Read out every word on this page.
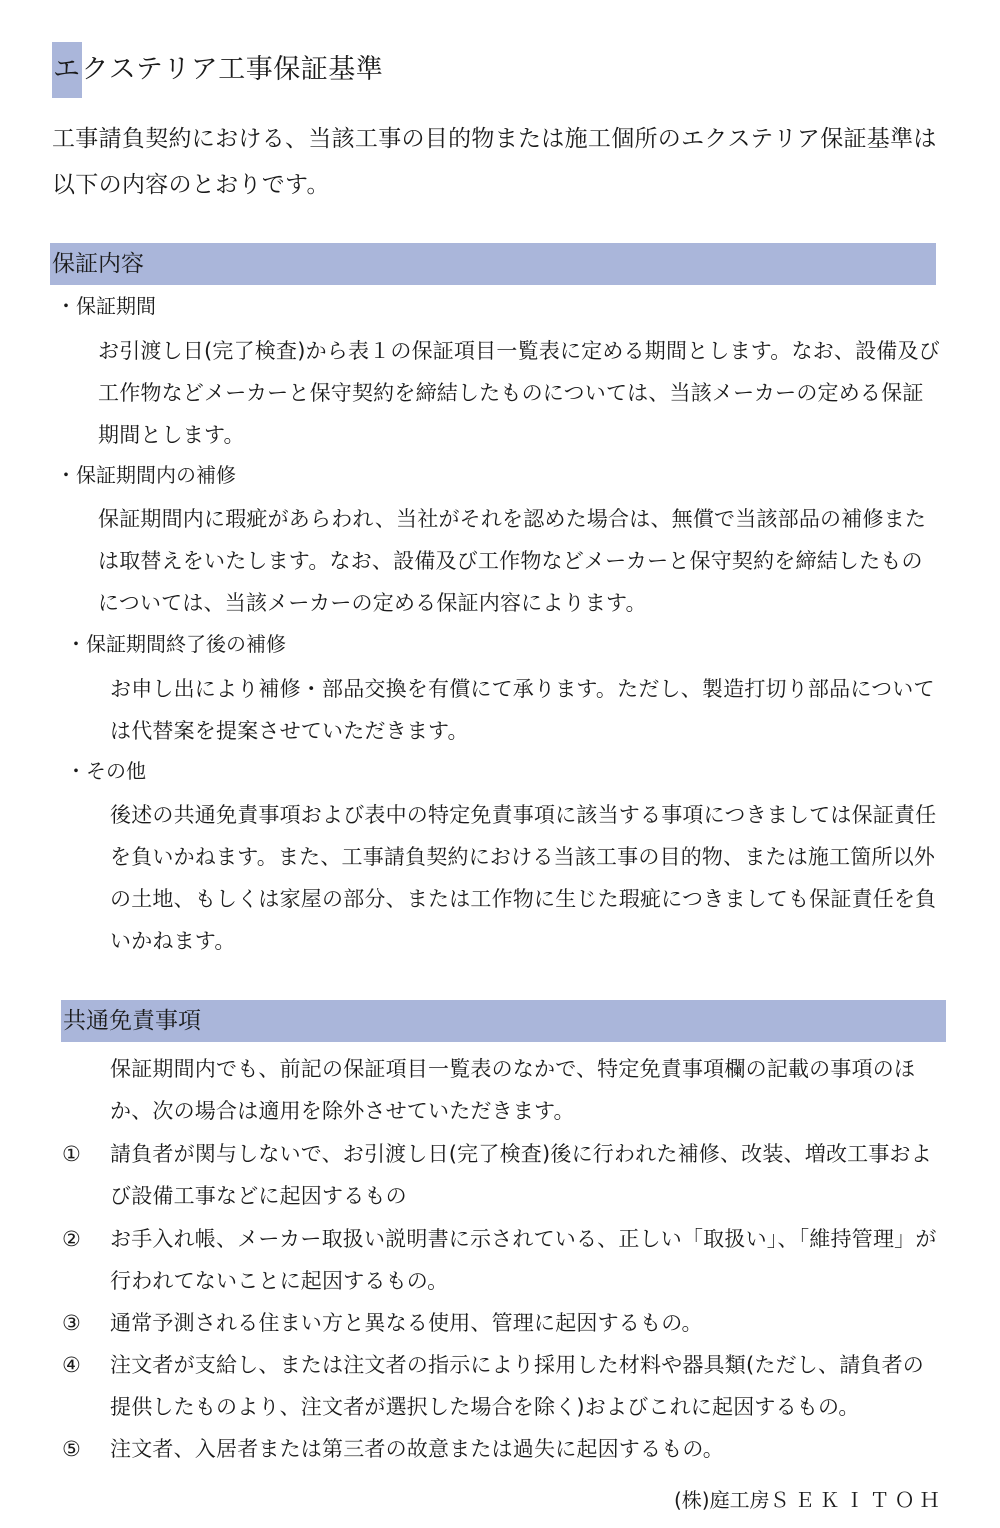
エクステリア工事保証基準
工事請負契約における、当該工事の目的物または施工個所のエクステリア保証基準は以下の内容のとおりです。
保証内容
・保証期間
お引渡し日(完了検査)から表１の保証項目一覧表に定める期間とします。なお、設備及び工作物などメーカーと保守契約を締結したものについては、当該メーカーの定める保証期間とします。
・保証期間内の補修
保証期間内に瑕疵があらわれ、当社がそれを認めた場合は、無償で当該部品の補修または取替えをいたします。なお、設備及び工作物などメーカーと保守契約を締結したものについては、当該メーカーの定める保証内容によります。
・保証期間終了後の補修
お申し出により補修・部品交換を有償にて承ります。ただし、製造打切り部品については代替案を提案させていただきます。
・その他
後述の共通免責事項および表中の特定免責事項に該当する事項につきましては保証責任を負いかねます。また、工事請負契約における当該工事の目的物、または施工箇所以外の土地、もしくは家屋の部分、または工作物に生じた瑕疵につきましても保証責任を負いかねます。
共通免責事項
保証期間内でも、前記の保証項目一覧表のなかで、特定免責事項欄の記載の事項のほか、次の場合は適用を除外させていただきます。
① 請負者が関与しないで、お引渡し日(完了検査)後に行われた補修、改装、増改工事および設備工事などに起因するもの
② お手入れ帳、メーカー取扱い説明書に示されている、正しい「取扱い」、「維持管理」が行われてないことに起因するもの。
③ 通常予測される住まい方と異なる使用、管理に起因するもの。
④ 注文者が支給し、または注文者の指示により採用した材料や器具類(ただし、請負者の提供したものより、注文者が選択した場合を除く)およびこれに起因するもの。
⑤ 注文者、入居者または第三者の故意または過失に起因するもの。
(株)庭工房ＳＥＫＩＴＯＨ
